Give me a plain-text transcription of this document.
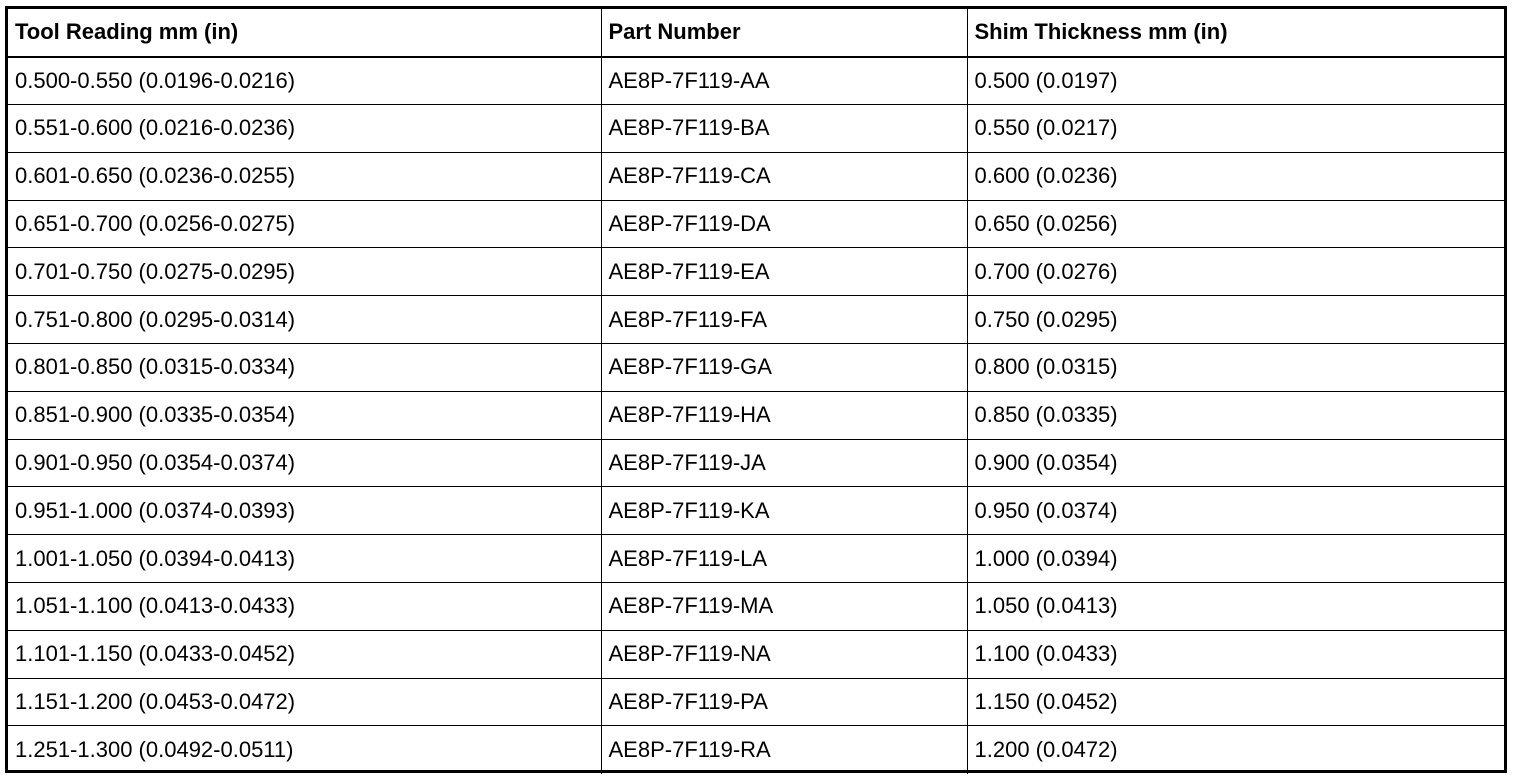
Tool Reading mm (in)	Part Number	Shim Thickness mm (in)
0.500-0.550 (0.0196-0.0216)	AE8P-7F119-AA	0.500 (0.0197)
0.551-0.600 (0.0216-0.0236)	AE8P-7F119-BA	0.550 (0.0217)
0.601-0.650 (0.0236-0.0255)	AE8P-7F119-CA	0.600 (0.0236)
0.651-0.700 (0.0256-0.0275)	AE8P-7F119-DA	0.650 (0.0256)
0.701-0.750 (0.0275-0.0295)	AE8P-7F119-EA	0.700 (0.0276)
0.751-0.800 (0.0295-0.0314)	AE8P-7F119-FA	0.750 (0.0295)
0.801-0.850 (0.0315-0.0334)	AE8P-7F119-GA	0.800 (0.0315)
0.851-0.900 (0.0335-0.0354)	AE8P-7F119-HA	0.850 (0.0335)
0.901-0.950 (0.0354-0.0374)	AE8P-7F119-JA	0.900 (0.0354)
0.951-1.000 (0.0374-0.0393)	AE8P-7F119-KA	0.950 (0.0374)
1.001-1.050 (0.0394-0.0413)	AE8P-7F119-LA	1.000 (0.0394)
1.051-1.100 (0.0413-0.0433)	AE8P-7F119-MA	1.050 (0.0413)
1.101-1.150 (0.0433-0.0452)	AE8P-7F119-NA	1.100 (0.0433)
1.151-1.200 (0.0453-0.0472)	AE8P-7F119-PA	1.150 (0.0452)
1.251-1.300 (0.0492-0.0511)	AE8P-7F119-RA	1.200 (0.0472)
